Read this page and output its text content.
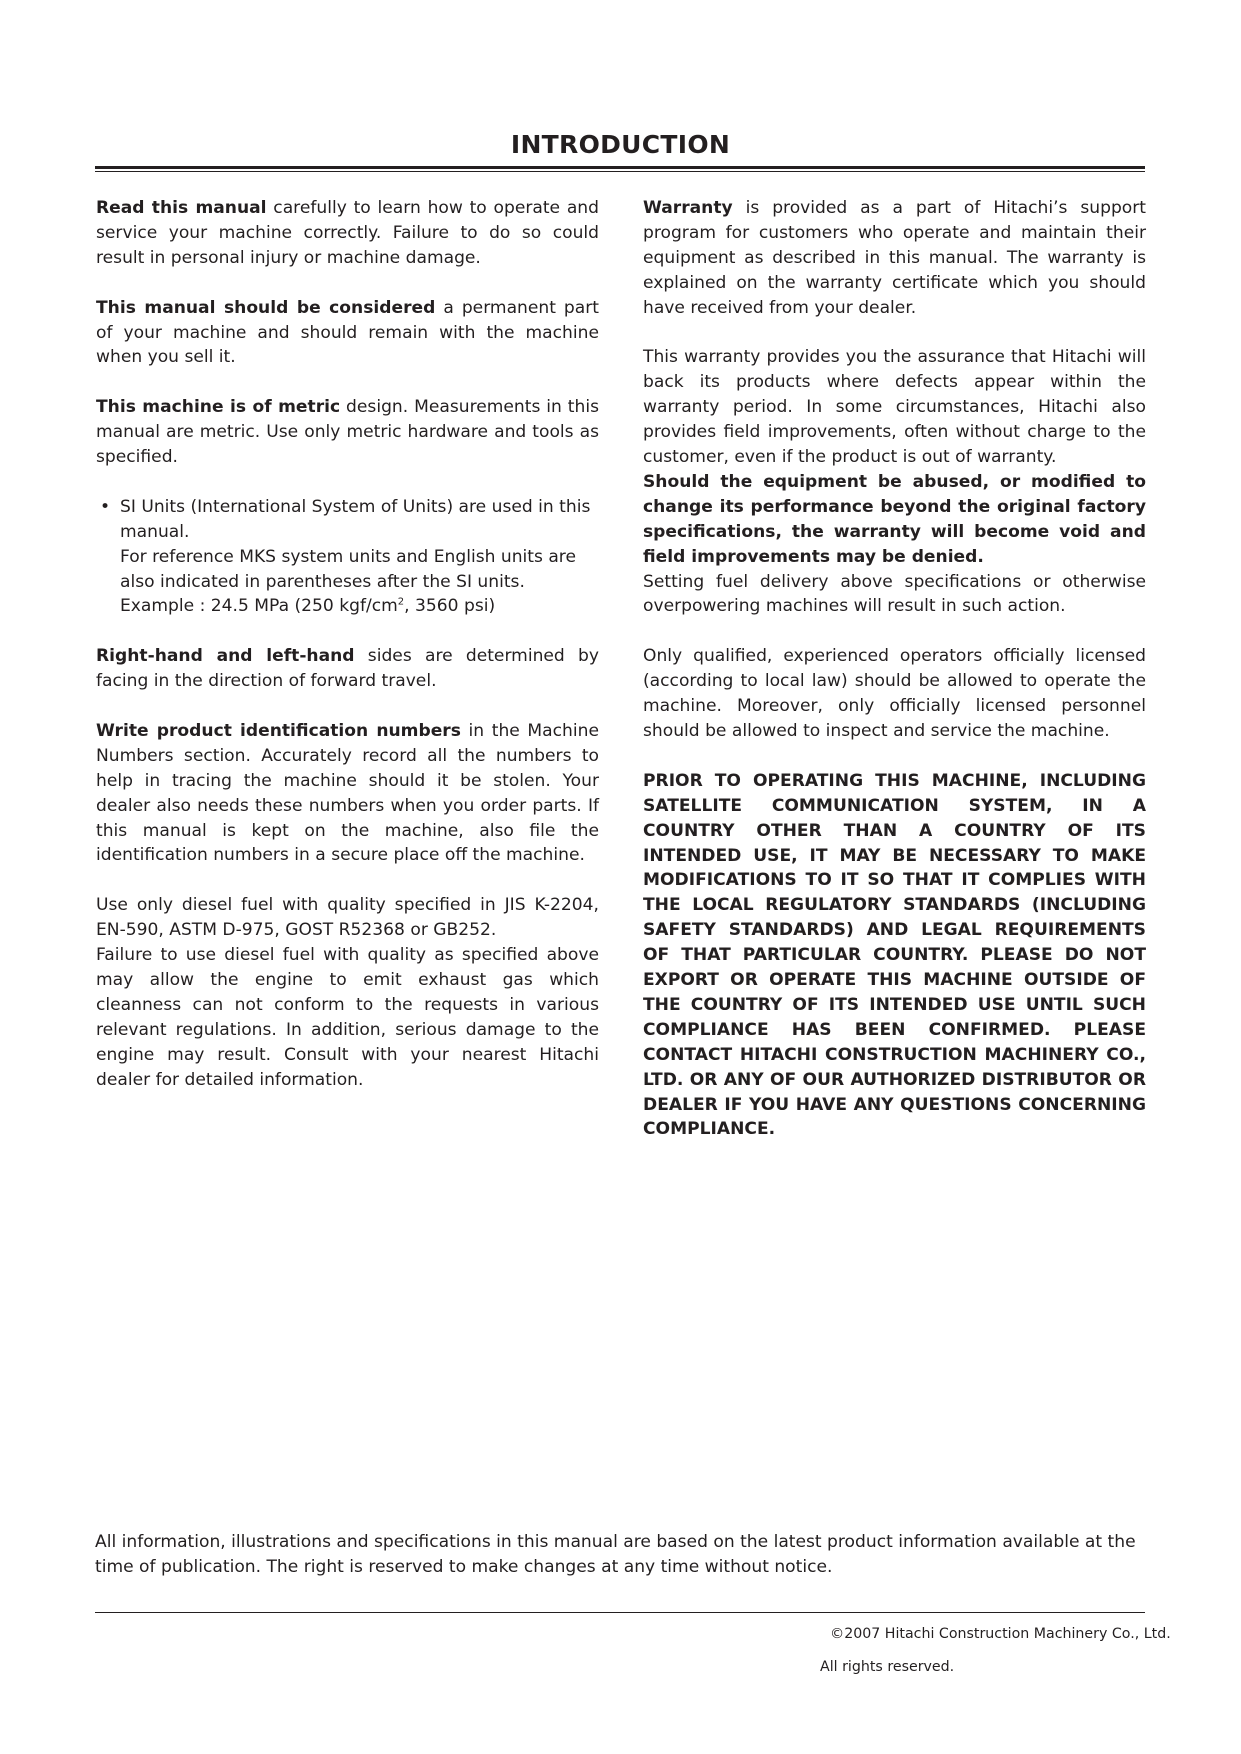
INTRODUCTION

Read this manual carefully to learn how to operate and service your machine correctly. Failure to do so could result in personal injury or machine damage.

This manual should be considered a permanent part of your machine and should remain with the machine when you sell it.

This machine is of metric design. Measurements in this manual are metric. Use only metric hardware and tools as specified.

• SI Units (International System of Units) are used in this manual.
For reference MKS system units and English units are also indicated in parentheses after the SI units.
Example : 24.5 MPa (250 kgf/$cm^2$, 3560 psi)

Right-hand and left-hand sides are determined by facing in the direction of forward travel.

Write product identification numbers in the Machine Numbers section. Accurately record all the numbers to help in tracing the machine should it be stolen. Your dealer also needs these numbers when you order parts. If this manual is kept on the machine, also file the identification numbers in a secure place off the machine.

Use only diesel fuel with quality specified in JIS K-2204, EN-590, ASTM D-975, GOST R52368 or GB252.

Failure to use diesel fuel with quality as specified above may allow the engine to emit exhaust gas which cleanness can not conform to the requests in various relevant regulations. In addition, serious damage to the engine may result. Consult with your nearest Hitachi dealer for detailed information.

Warranty is provided as a part of Hitachi’s support program for customers who operate and maintain their equipment as described in this manual. The warranty is explained on the warranty certificate which you should have received from your dealer.

This warranty provides you the assurance that Hitachi will back its products where defects appear within the warranty period. In some circumstances, Hitachi also provides field improvements, often without charge to the customer, even if the product is out of warranty.

Should the equipment be abused, or modified to change its performance beyond the original factory specifications, the warranty will become void and field improvements may be denied.

Setting fuel delivery above specifications or otherwise overpowering machines will result in such action.

Only qualified, experienced operators officially licensed (according to local law) should be allowed to operate the machine. Moreover, only officially licensed personnel should be allowed to inspect and service the machine.

PRIOR TO OPERATING THIS MACHINE, INCLUDING SATELLITE COMMUNICATION SYSTEM, IN A COUNTRY OTHER THAN A COUNTRY OF ITS INTENDED USE, IT MAY BE NECESSARY TO MAKE MODIFICATIONS TO IT SO THAT IT COMPLIES WITH THE LOCAL REGULATORY STANDARDS (INCLUDING SAFETY STANDARDS) AND LEGAL REQUIREMENTS OF THAT PARTICULAR COUNTRY. PLEASE DO NOT EXPORT OR OPERATE THIS MACHINE OUTSIDE OF THE COUNTRY OF ITS INTENDED USE UNTIL SUCH COMPLIANCE HAS BEEN CONFIRMED. PLEASE CONTACT HITACHI CONSTRUCTION MACHINERY CO., LTD. OR ANY OF OUR AUTHORIZED DISTRIBUTOR OR DEALER IF YOU HAVE ANY QUESTIONS CONCERNING COMPLIANCE.

All information, illustrations and specifications in this manual are based on the latest product information available at the time of publication. The right is reserved to make changes at any time without notice.

©2007 Hitachi Construction Machinery Co., Ltd.

All rights reserved.
